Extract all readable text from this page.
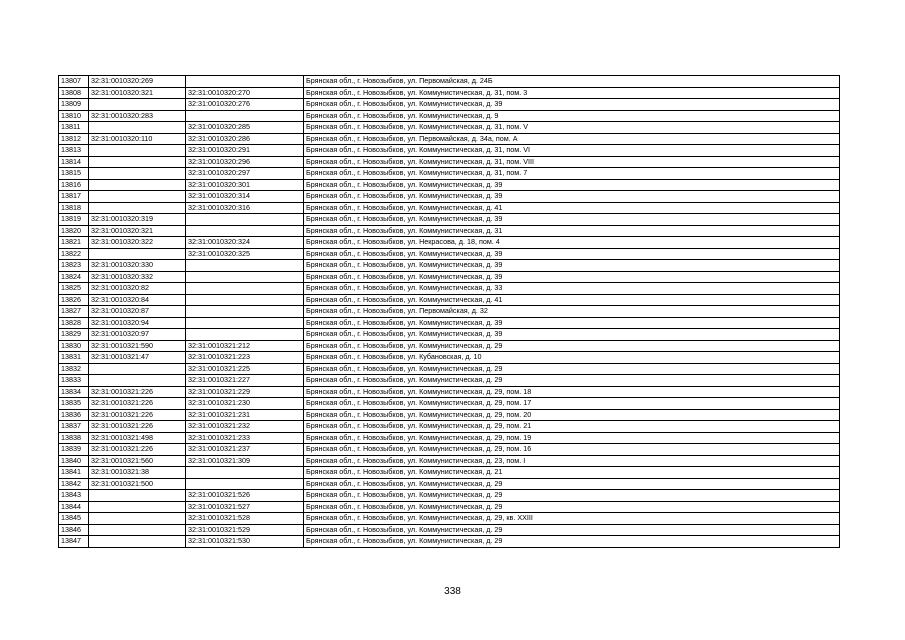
13807	32:31:0010320:269		Брянская обл., г. Новозыбков, ул. Первомайская, д. 24Б
13808	32:31:0010320:321	32:31:0010320:270	Брянская обл., г. Новозыбков, ул. Коммунистическая, д. 31, пом. 3
13809		32:31:0010320:276	Брянская обл., г. Новозыбков, ул. Коммунистическая, д. 39
13810	32:31:0010320:283		Брянская обл., г. Новозыбков, ул. Коммунистическая, д. 9
13811		32:31:0010320:285	Брянская обл., г. Новозыбков, ул. Коммунистическая, д. 31, пом. V
13812	32:31:0010320:110	32:31:0010320:286	Брянская обл., г. Новозыбков, ул. Первомайская, д. 34а, пом. А
13813		32:31:0010320:291	Брянская обл., г. Новозыбков, ул. Коммунистическая, д. 31, пом. VI
13814		32:31:0010320:296	Брянская обл., г. Новозыбков, ул. Коммунистическая, д. 31, пом. VIII
13815		32:31:0010320:297	Брянская обл., г. Новозыбков, ул. Коммунистическая, д. 31, пом. 7
13816		32:31:0010320:301	Брянская обл., г. Новозыбков, ул. Коммунистическая, д. 39
13817		32:31:0010320:314	Брянская обл., г. Новозыбков, ул. Коммунистическая, д. 39
13818		32:31:0010320:316	Брянская обл., г. Новозыбков, ул. Коммунистическая, д. 41
13819	32:31:0010320:319		Брянская обл., г. Новозыбков, ул. Коммунистическая, д. 39
13820	32:31:0010320:321		Брянская обл., г. Новозыбков, ул. Коммунистическая, д. 31
13821	32:31:0010320:322	32:31:0010320:324	Брянская обл., г. Новозыбков, ул. Некрасова, д. 18, пом. 4
13822		32:31:0010320:325	Брянская обл., г. Новозыбков, ул. Коммунистическая, д. 39
13823	32:31:0010320:330		Брянская обл., г. Новозыбков, ул. Коммунистическая, д. 39
13824	32:31:0010320:332		Брянская обл., г. Новозыбков, ул. Коммунистическая, д. 39
13825	32:31:0010320:82		Брянская обл., г. Новозыбков, ул. Коммунистическая, д. 33
13826	32:31:0010320:84		Брянская обл., г. Новозыбков, ул. Коммунистическая, д. 41
13827	32:31:0010320:87		Брянская обл., г. Новозыбков, ул. Первомайская, д. 32
13828	32:31:0010320:94		Брянская обл., г. Новозыбков, ул. Коммунистическая, д. 39
13829	32:31:0010320:97		Брянская обл., г. Новозыбков, ул. Коммунистическая, д. 39
13830	32:31:0010321:590	32:31:0010321:212	Брянская обл., г. Новозыбков, ул. Коммунистическая, д. 29
13831	32:31:0010321:47	32:31:0010321:223	Брянская обл., г. Новозыбков, ул. Кубановская, д. 10
13832		32:31:0010321:225	Брянская обл., г. Новозыбков, ул. Коммунистическая, д. 29
13833		32:31:0010321:227	Брянская обл., г. Новозыбков, ул. Коммунистическая, д. 29
13834	32:31:0010321:226	32:31:0010321:229	Брянская обл., г. Новозыбков, ул. Коммунистическая, д. 29, пом. 18
13835	32:31:0010321:226	32:31:0010321:230	Брянская обл., г. Новозыбков, ул. Коммунистическая, д. 29, пом. 17
13836	32:31:0010321:226	32:31:0010321:231	Брянская обл., г. Новозыбков, ул. Коммунистическая, д. 29, пом. 20
13837	32:31:0010321:226	32:31:0010321:232	Брянская обл., г. Новозыбков, ул. Коммунистическая, д. 29, пом. 21
13838	32:31:0010321:498	32:31:0010321:233	Брянская обл., г. Новозыбков, ул. Коммунистическая, д. 29, пом. 19
13839	32:31:0010321:226	32:31:0010321:237	Брянская обл., г. Новозыбков, ул. Коммунистическая, д. 29, пом. 16
13840	32:31:0010321:560	32:31:0010321:309	Брянская обл., г. Новозыбков, ул. Коммунистическая, д. 23, пом. I
13841	32:31:0010321:38		Брянская обл., г. Новозыбков, ул. Коммунистическая, д. 21
13842	32:31:0010321:500		Брянская обл., г. Новозыбков, ул. Коммунистическая, д. 29
13843		32:31:0010321:526	Брянская обл., г. Новозыбков, ул. Коммунистическая, д. 29
13844		32:31:0010321:527	Брянская обл., г. Новозыбков, ул. Коммунистическая, д. 29
13845		32:31:0010321:528	Брянская обл., г. Новозыбков, ул. Коммунистическая, д. 29, кв. XXIII
13846		32:31:0010321:529	Брянская обл., г. Новозыбков, ул. Коммунистическая, д. 29
13847		32:31:0010321:530	Брянская обл., г. Новозыбков, ул. Коммунистическая, д. 29
338
